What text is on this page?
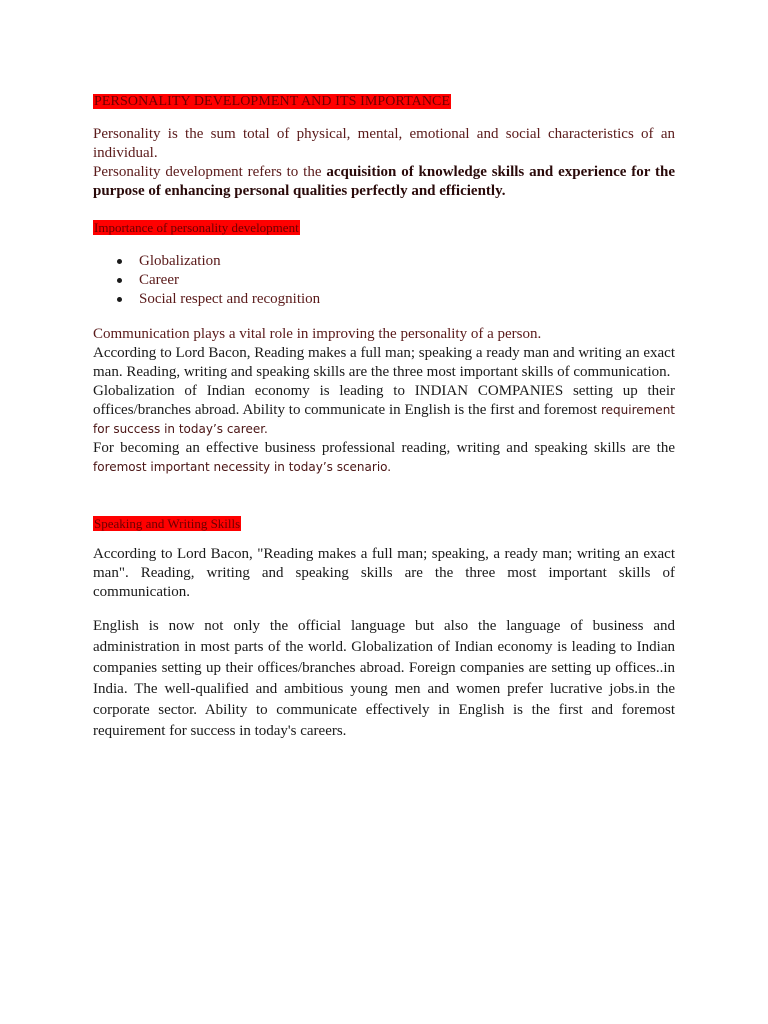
PERSONALITY DEVELOPMENT AND ITS IMPORTANCE

Personality is the sum total of physical, mental, emotional and social characteristics of an individual.

Personality development refers to the acquisition of knowledge skills and experience for the purpose of enhancing personal qualities perfectly and efficiently.

Importance of personality development
Globalization
Career
Social respect and recognition

Communication plays a vital role in improving the personality of a person.

According to Lord Bacon, Reading makes a full man; speaking a ready man and writing an exact man. Reading, writing and speaking skills are the three most important skills of communication.

Globalization of Indian economy is leading to INDIAN COMPANIES setting up their offices/branches abroad. Ability to communicate in English is the first and foremost requirement for success in today’s career.

For becoming an effective business professional reading, writing and speaking skills are the foremost important necessity in today’s scenario.

Speaking and Writing Skills

According to Lord Bacon, "Reading makes a full man; speaking, a ready man; writing an exact man". Reading, writing and speaking skills are the three most important skills of communication.

English is now not only the official language but also the language of business and administration in most parts of the world. Globalization of Indian economy is leading to Indian companies setting up their offices/branches abroad. Foreign companies are setting up offices..in India. The well-qualified and ambitious young men and women prefer lucrative jobs.in the corporate sector. Ability to communicate effectively in English is the first and foremost requirement for success in today's careers.
